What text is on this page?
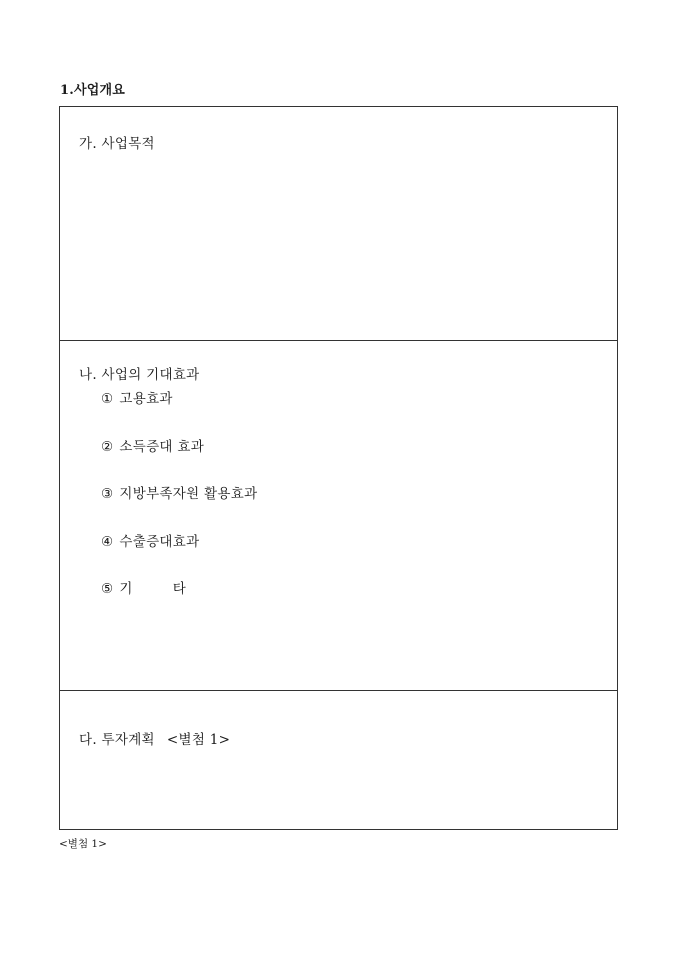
1.사업개요
가. 사업목적
나. 사업의 기대효과
① 고용효과
② 소득증대 효과
③ 지방부족자원 활용효과
④ 수출증대효과
⑤ 기	타
다. 투자계획 <별첨 1>
<별첨 1>
